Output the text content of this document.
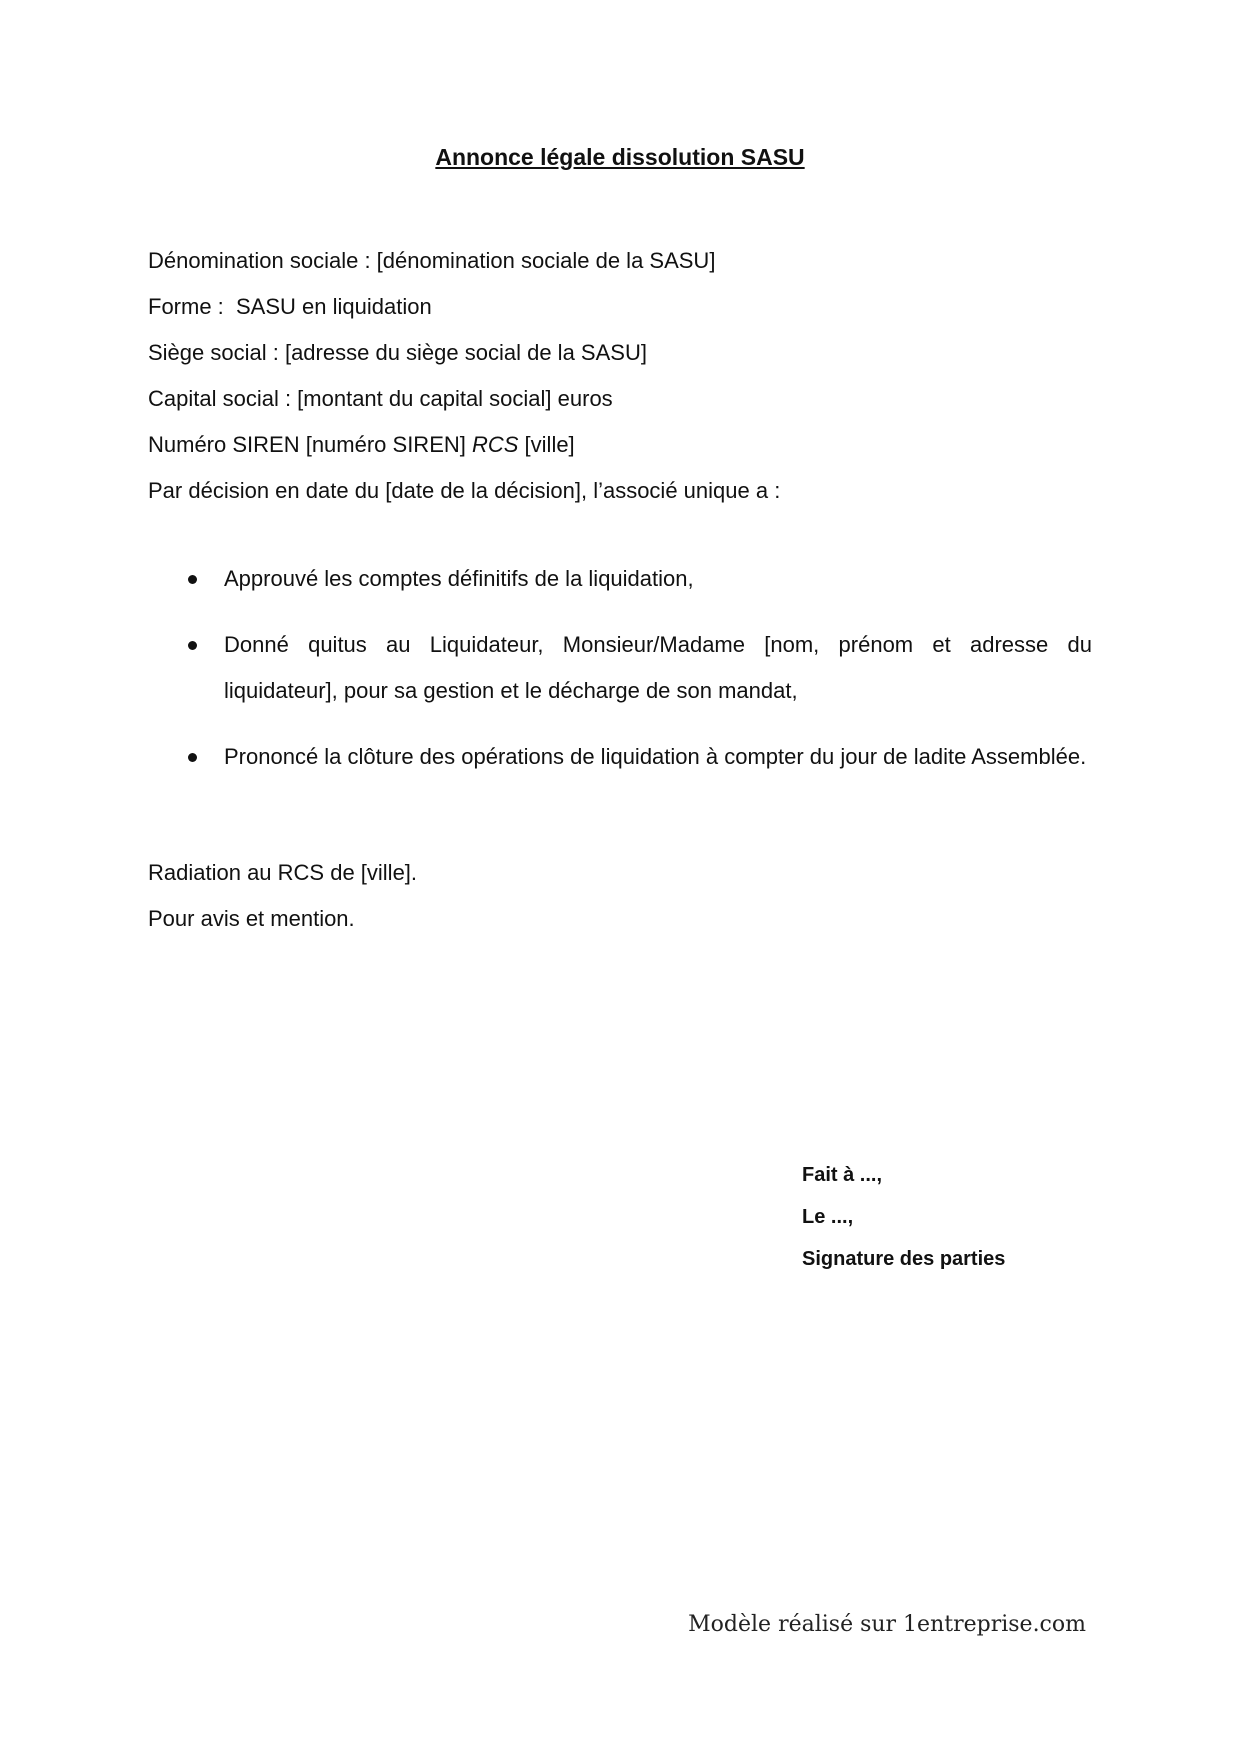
Annonce légale dissolution SASU
Dénomination sociale : [dénomination sociale de la SASU]
Forme :  SASU en liquidation
Siège social : [adresse du siège social de la SASU]
Capital social : [montant du capital social] euros
Numéro SIREN [numéro SIREN] RCS [ville]
Par décision en date du [date de la décision], l’associé unique a :
Approuvé les comptes définitifs de la liquidation,
Donné quitus au Liquidateur, Monsieur/Madame [nom, prénom et adresse du liquidateur], pour sa gestion et le décharge de son mandat,
Prononcé la clôture des opérations de liquidation à compter du jour de ladite Assemblée.
Radiation au RCS de [ville].
Pour avis et mention.
Fait à ...,
Le ...,
Signature des parties
Modèle réalisé sur 1entreprise.com
